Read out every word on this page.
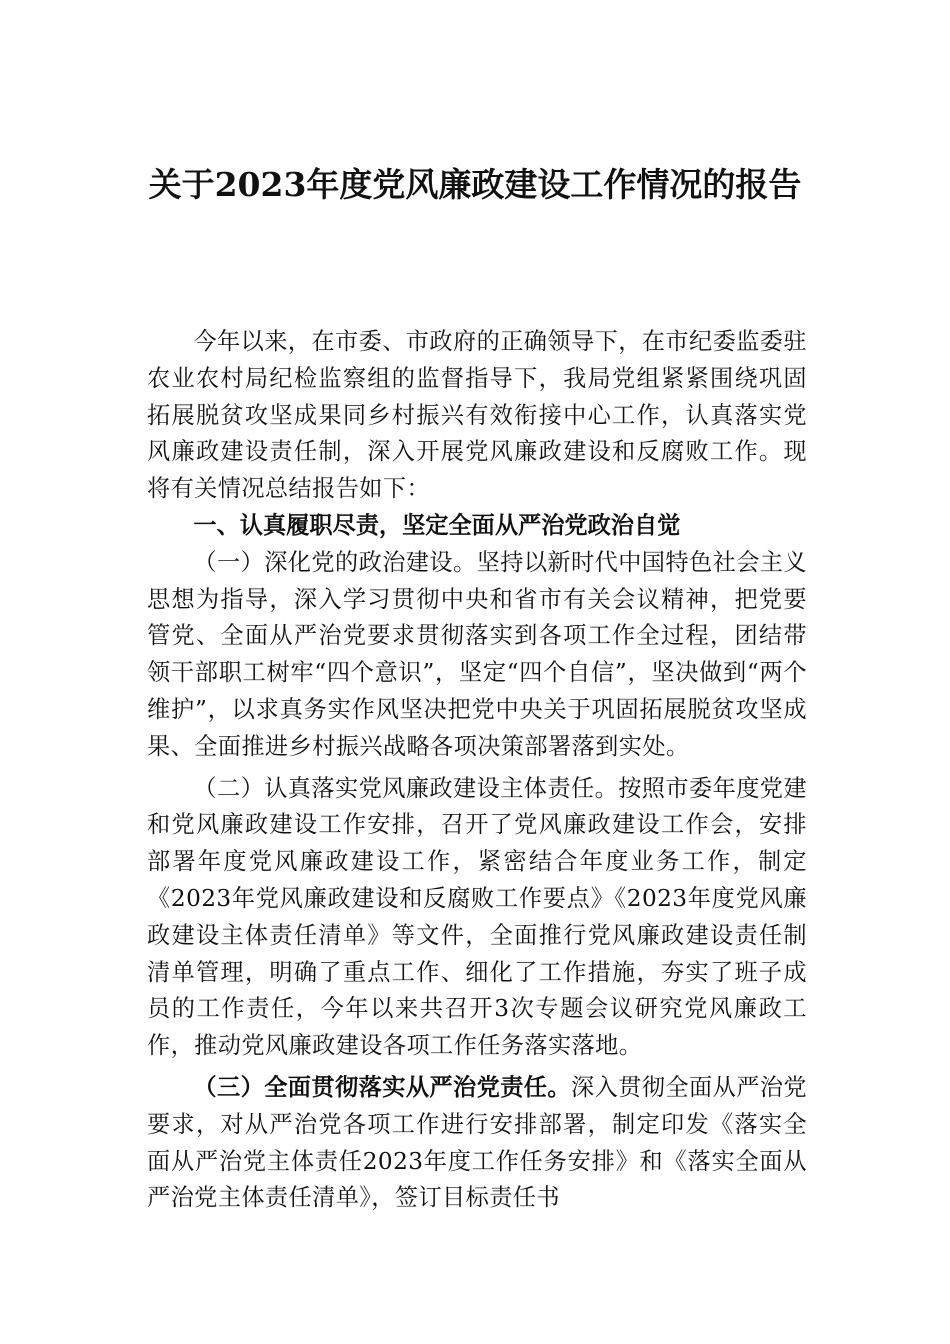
关于2023年度党风廉政建设工作情况的报告

今年以来，在市委、市政府的正确领导下，在市纪委监委驻农业农村局纪检监察组的监督指导下，我局党组紧紧围绕巩固拓展脱贫攻坚成果同乡村振兴有效衔接中心工作，认真落实党风廉政建设责任制，深入开展党风廉政建设和反腐败工作。现将有关情况总结报告如下：

一、认真履职尽责，坚定全面从严治党政治自觉

（一）深化党的政治建设。坚持以新时代中国特色社会主义思想为指导，深入学习贯彻中央和省市有关会议精神，把党要管党、全面从严治党要求贯彻落实到各项工作全过程，团结带领干部职工树牢“四个意识”，坚定“四个自信”，坚决做到“两个维护”，以求真务实作风坚决把党中央关于巩固拓展脱贫攻坚成果、全面推进乡村振兴战略各项决策部署落到实处。

（二）认真落实党风廉政建设主体责任。按照市委年度党建和党风廉政建设工作安排，召开了党风廉政建设工作会，安排部署年度党风廉政建设工作，紧密结合年度业务工作，制定《2023年党风廉政建设和反腐败工作要点》《2023年度党风廉政建设主体责任清单》等文件，全面推行党风廉政建设责任制清单管理，明确了重点工作、细化了工作措施，夯实了班子成员的工作责任，今年以来共召开3次专题会议研究党风廉政工作，推动党风廉政建设各项工作任务落实落地。

（三）全面贯彻落实从严治党责任。深入贯彻全面从严治党要求，对从严治党各项工作进行安排部署，制定印发《落实全面从严治党主体责任2023年度工作任务安排》和《落实全面从严治党主体责任清单》，签订目标责任书
